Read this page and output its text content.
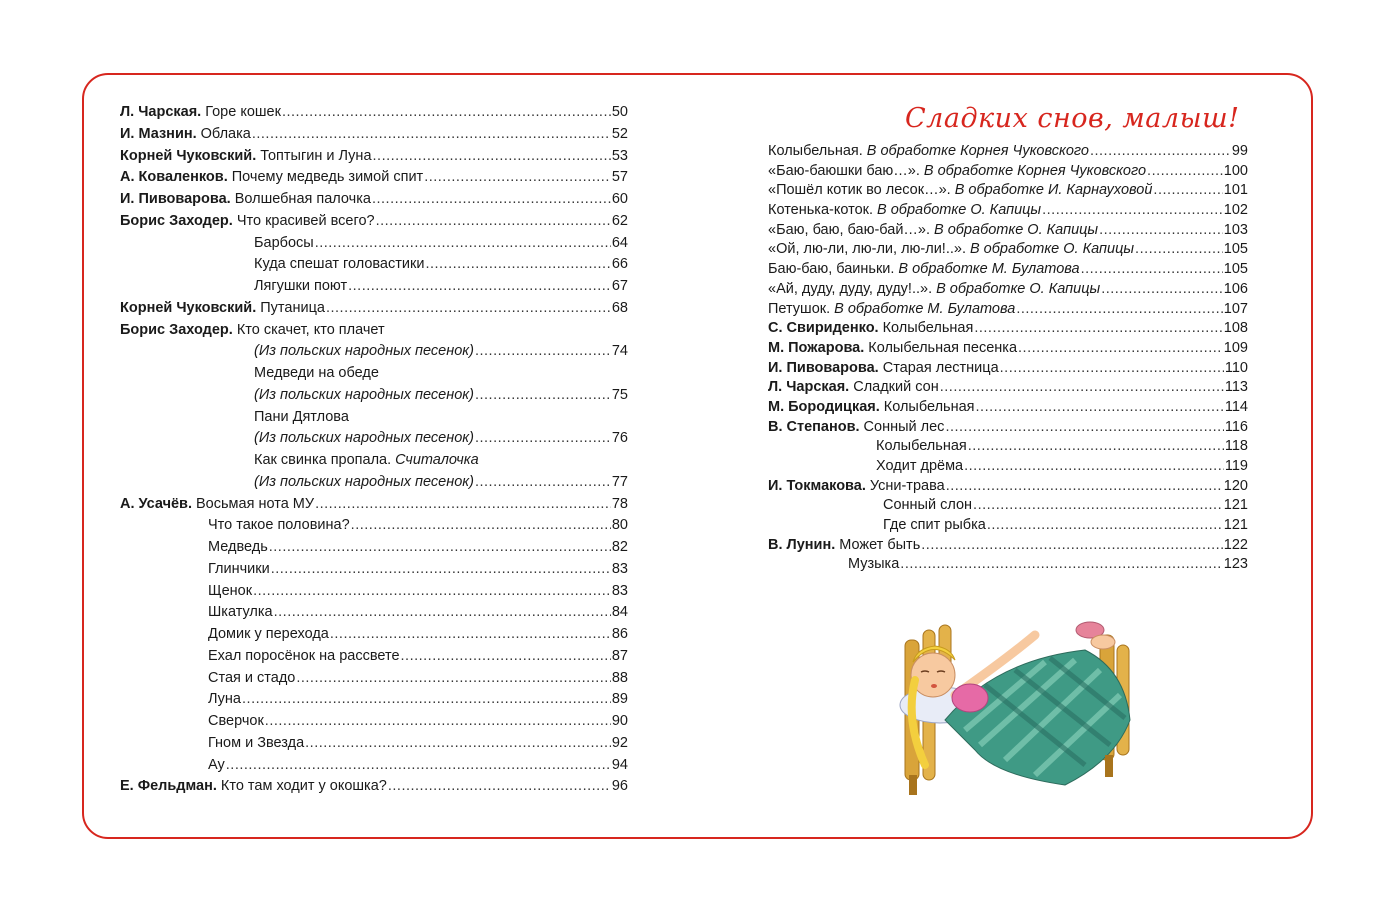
Л. Чарская. Горе кошек .....	50
И. Мазнин. Облака .....	52
Корней Чуковский. Топтыгин и Луна .....	53
А. Коваленков. Почему медведь зимой спит .....	57
И. Пивоварова. Волшебная палочка .....	60
Борис Заходер. Что красивей всего? .....	62
Барбосы .....	64
Куда спешат головастики .....	66
Лягушки поют .....	67
Корней Чуковский. Путаница .....	68
Борис Заходер. Кто скачет, кто плачет
(Из польских народных песенок) .....	74
Медведи на обеде
(Из польских народных песенок) .....	75
Пани Дятлова
(Из польских народных песенок) .....	76
Как свинка пропала. Считалочка
(Из польских народных песенок) .....	77
А. Усачёв. Восьмая нота МУ .....	78
Что такое половина? .....	80
Медведь .....	82
Глинчики .....	83
Щенок .....	83
Шкатулка .....	84
Домик у перехода .....	86
Ехал поросёнок на рассвете .....	87
Стая и стадо .....	88
Луна .....	89
Сверчок .....	90
Гном и Звезда .....	92
Ау .....	94
Е. Фельдман. Кто там ходит у окошка? .....	96
Сладких снов, малыш!
Колыбельная. В обработке Корнея Чуковского .....	99
«Баю-баюшки баю…». В обработке Корнея Чуковского .....	100
«Пошёл котик во лесок…». В обработке И. Карнауховой .....	101
Котенька-коток. В обработке О. Капицы .....	102
«Баю, баю, баю-бай…». В обработке О. Капицы .....	103
«Ой, лю-ли, лю-ли, лю-ли!..». В обработке О. Капицы .....	105
Баю-баю, баиньки. В обработке М. Булатова .....	105
«Ай, дуду, дуду, дуду!..». В обработке О. Капицы .....	106
Петушок. В обработке М. Булатова .....	107
С. Свириденко. Колыбельная .....	108
М. Пожарова. Колыбельная песенка .....	109
И. Пивоварова. Старая лестница .....	110
Л. Чарская. Сладкий сон .....	113
М. Бородицкая. Колыбельная .....	114
В. Степанов. Сонный лес .....	116
Колыбельная .....	118
Ходит дрёма .....	119
И. Токмакова. Усни-трава .....	120
Сонный слон .....	121
Где спит рыбка .....	121
В. Лунин. Может быть .....	122
Музыка .....	123
